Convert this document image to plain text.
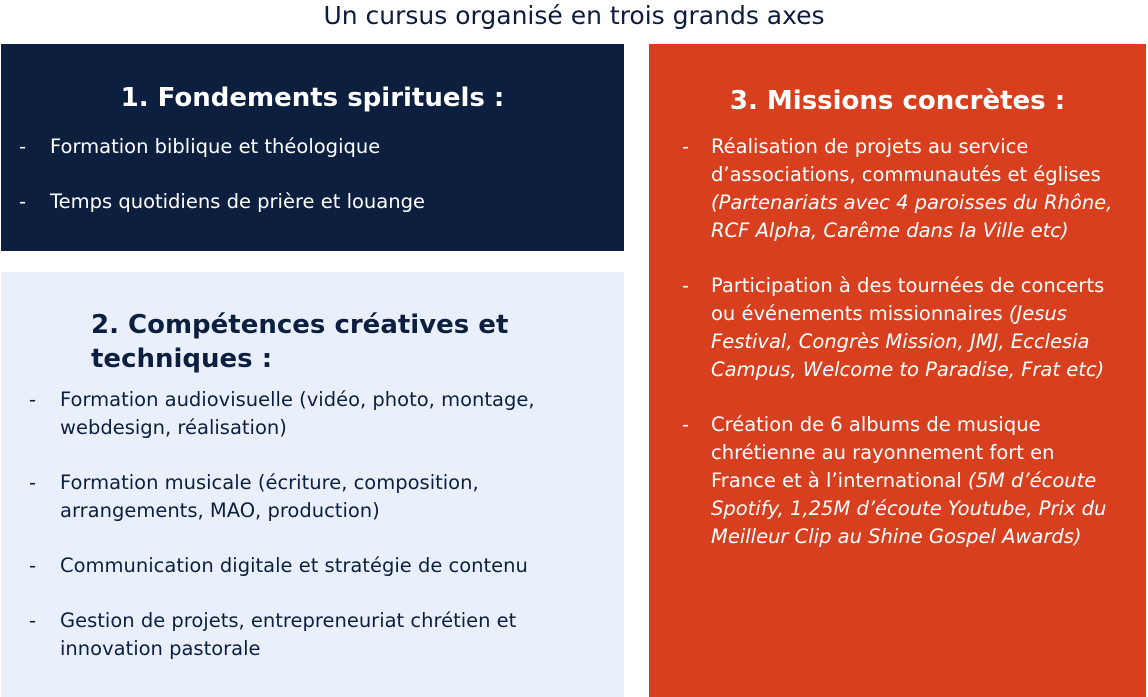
Un cursus organisé en trois grands axes
1. Fondements spirituels :
- Formation biblique et théologique
- Temps quotidiens de prière et louange
2. Compétences créatives et techniques :
- Formation audiovisuelle (vidéo, photo, montage, webdesign, réalisation)
- Formation musicale (écriture, composition, arrangements, MAO, production)
- Communication digitale et stratégie de contenu
- Gestion de projets, entrepreneuriat chrétien et innovation pastorale
3. Missions concrètes :
- Réalisation de projets au service d’associations, communautés et églises (Partenariats avec 4 paroisses du Rhône, RCF Alpha, Carême dans la Ville etc)
- Participation à des tournées de concerts ou événements missionnaires (Jesus Festival, Congrès Mission, JMJ, Ecclesia Campus, Welcome to Paradise, Frat etc)
- Création de 6 albums de musique chrétienne au rayonnement fort en France et à l’international (5M d’écoute Spotify, 1,25M d’écoute Youtube, Prix du Meilleur Clip au Shine Gospel Awards)
